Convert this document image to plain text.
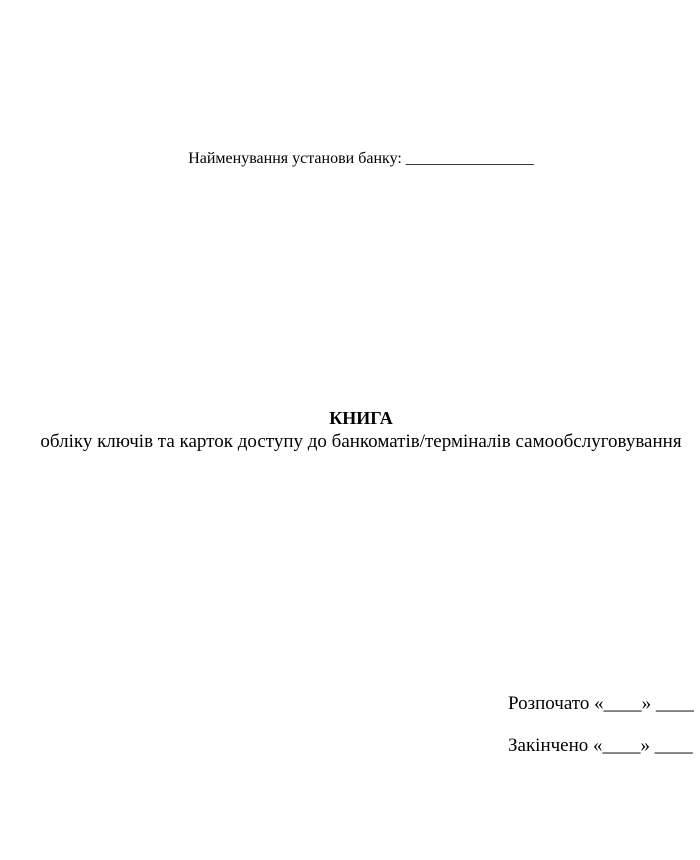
Найменування установи банку: ________________
КНИГА
обліку ключів та карток доступу до банкоматів/терміналів самообслуговування
Розпочато «____» ____
Закінчено «____» ____
